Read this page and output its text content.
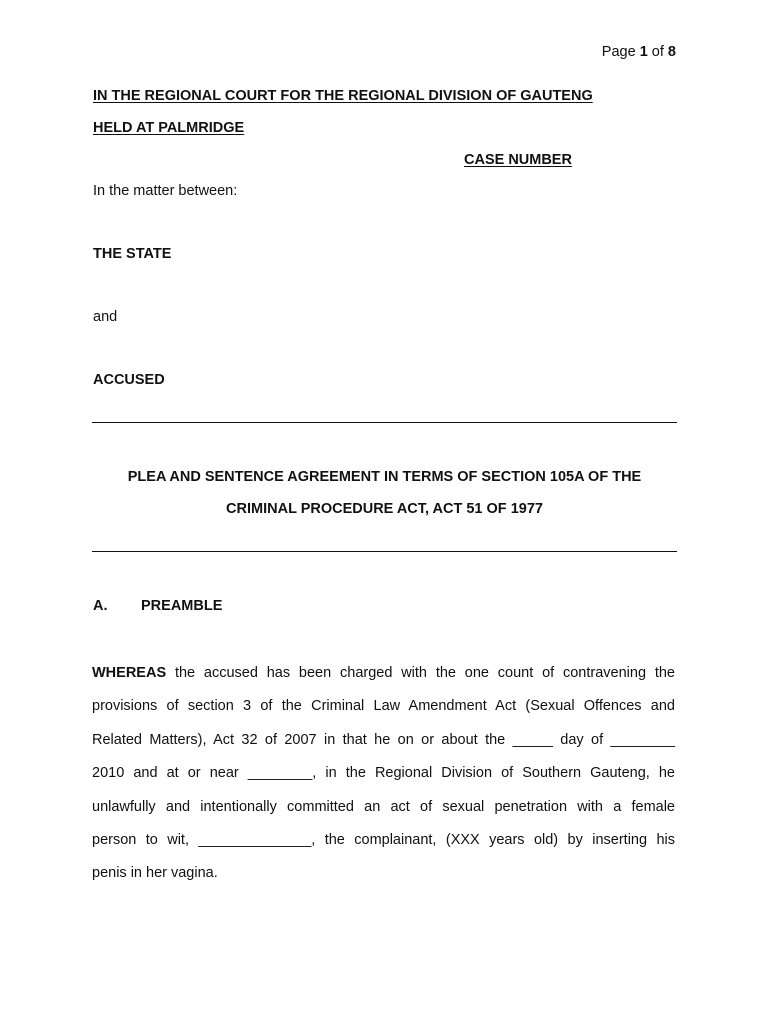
Page 1 of 8
IN THE REGIONAL COURT FOR THE REGIONAL DIVISION OF GAUTENG
HELD AT PALMRIDGE
CASE NUMBER
In the matter between:
THE STATE
and
ACCUSED
PLEA AND SENTENCE AGREEMENT IN TERMS OF SECTION 105A OF THE
CRIMINAL PROCEDURE ACT, ACT 51 OF 1977
A. PREAMBLE
WHEREAS the accused has been charged with the one count of contravening the
provisions of section 3 of the Criminal Law Amendment Act (Sexual Offences and
Related Matters), Act 32 of 2007 in that he on or about the _____ day of ________
2010 and at or near ________, in the Regional Division of Southern Gauteng, he
unlawfully and intentionally committed an act of sexual penetration with a female
person to wit, ______________, the complainant, (XXX years old) by inserting his
penis in her vagina.
